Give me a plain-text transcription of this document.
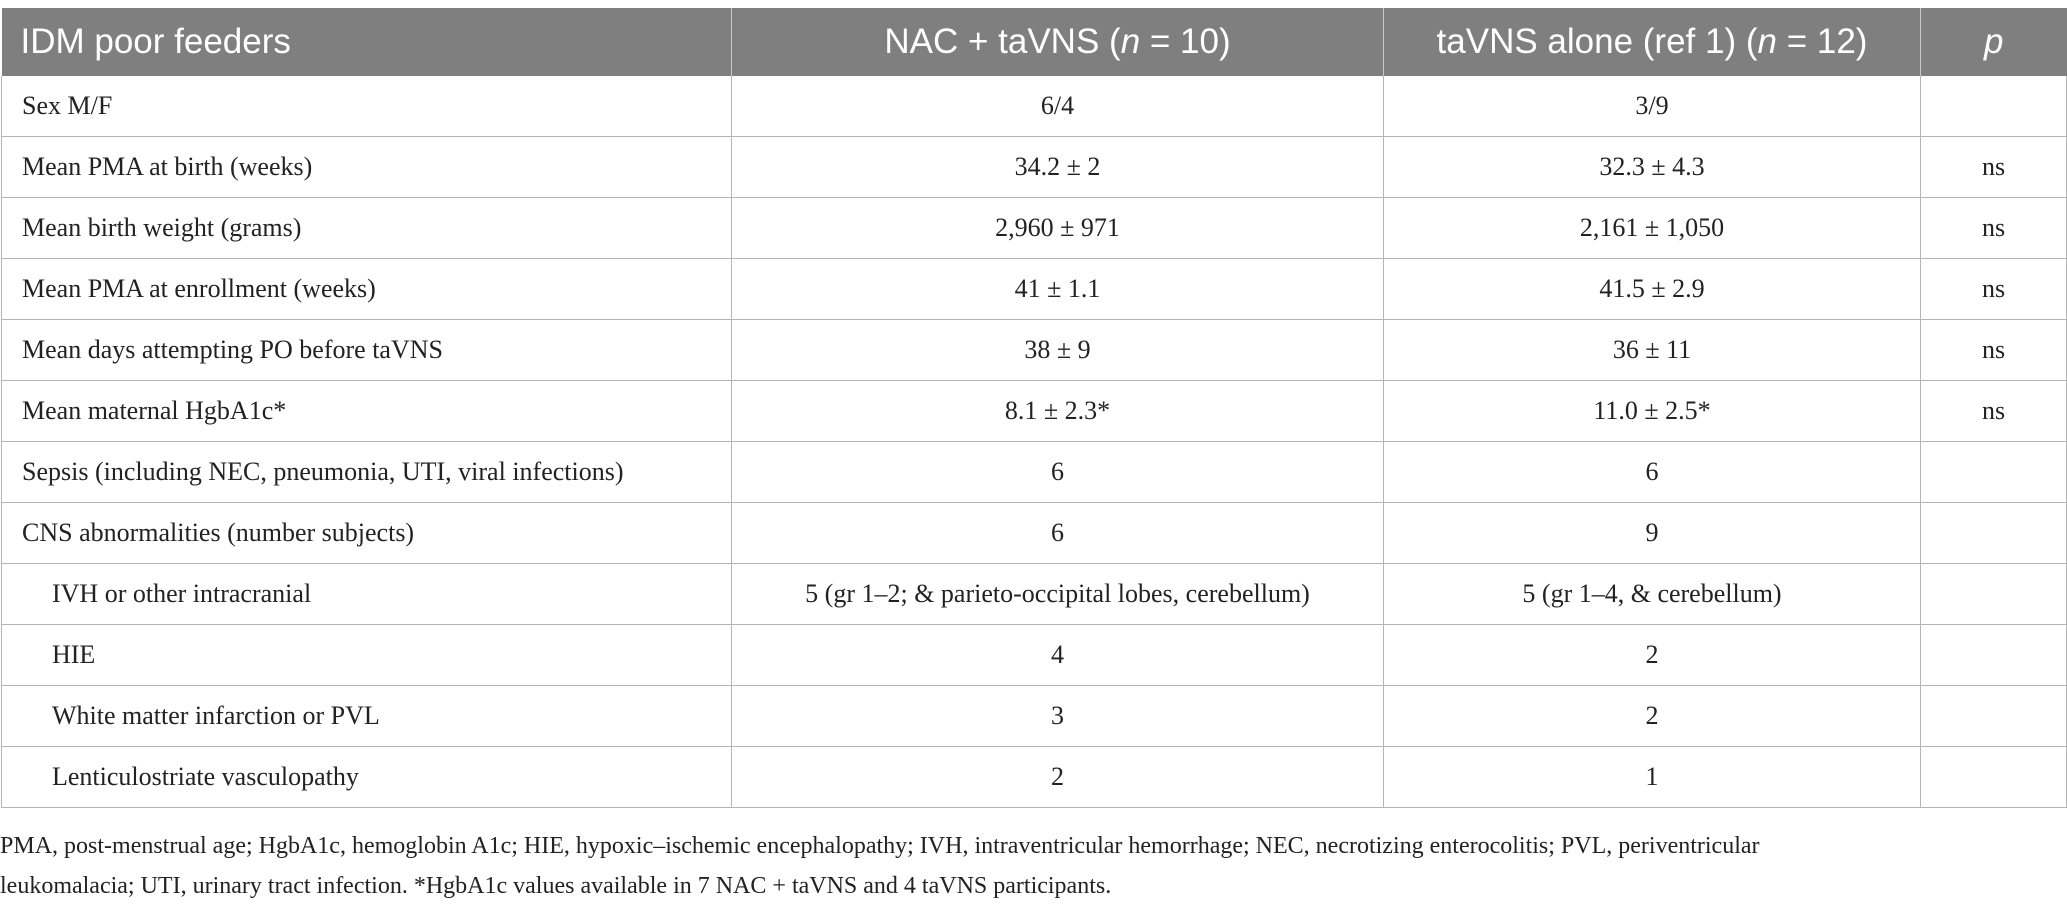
IDM poor feeders	NAC + taVNS (n = 10)	taVNS alone (ref 1) (n = 12)	p
Sex M/F	6/4	3/9	
Mean PMA at birth (weeks)	34.2 ± 2	32.3 ± 4.3	ns
Mean birth weight (grams)	2,960 ± 971	2,161 ± 1,050	ns
Mean PMA at enrollment (weeks)	41 ± 1.1	41.5 ± 2.9	ns
Mean days attempting PO before taVNS	38 ± 9	36 ± 11	ns
Mean maternal HgbA1c*	8.1 ± 2.3*	11.0 ± 2.5*	ns
Sepsis (including NEC, pneumonia, UTI, viral infections)	6	6	
CNS abnormalities (number subjects)	6	9	
IVH or other intracranial	5 (gr 1–2; & parieto-occipital lobes, cerebellum)	5 (gr 1–4, & cerebellum)	
HIE	4	2	
White matter infarction or PVL	3	2	
Lenticulostriate vasculopathy	2	1	
PMA, post-menstrual age; HgbA1c, hemoglobin A1c; HIE, hypoxic–ischemic encephalopathy; IVH, intraventricular hemorrhage; NEC, necrotizing enterocolitis; PVL, periventricular
leukomalacia; UTI, urinary tract infection. *HgbA1c values available in 7 NAC + taVNS and 4 taVNS participants.
